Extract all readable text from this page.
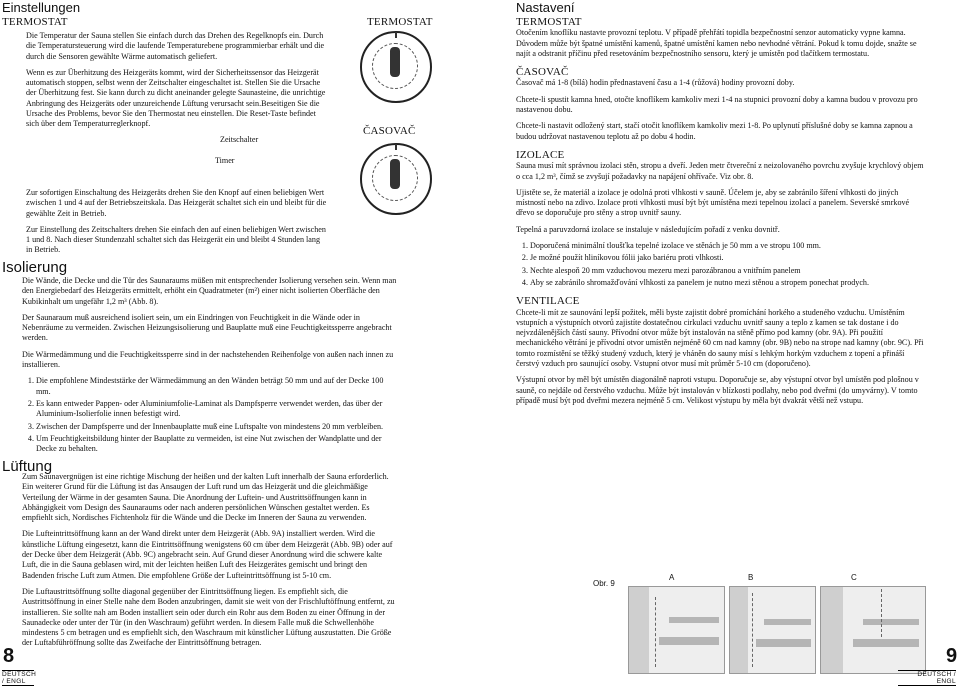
Einstellungen
TERMOSTAT

Die Temperatur der Sauna stellen Sie einfach durch das Drehen des Regelknopfs ein. Durch die Temperatursteuerung wird die laufende Temperaturebene programmierbar erhält und die durch die Sensoren gewählte Wärme automatisch geliefert.

Wenn es zur Überhitzung des Heizgeräts kommt, wird der Sicherheitssensor das Heizgerät automatisch stoppen, selbst wenn der Zeitschalter eingeschaltet ist. Stellen Sie die Ursache der Überhitzung fest. Sie kann durch zu dicht aneinander gelegte Saunasteine, die unrichtige Anbringung des Heizgeräts oder unzureichende Lüftung verursacht sein.Beseitigen Sie die Ursache des Problems, bevor Sie den Thermostat neu einstellen. Die Reset-Taste befindet sich über dem Temperaturreglerknopf.

TERMOSTAT
ČASOVAČ
Zeitschalter
Timer

Zur sofortigen Einschaltung des Heizgeräts drehen Sie den Knopf auf einen beliebigen Wert zwischen 1 und 4 auf der Betriebszeitskala. Das Heizgerät schaltet sich ein und bleibt für die gewählte Zeit in Betrieb.

Zur Einstellung des Zeitschalters drehen Sie einfach den auf einen beliebigen Wert zwischen 1 und 8. Nach dieser Stundenzahl schaltet sich das Heizgerät ein und bleibt 4 Stunden lang in Betrieb.

Isolierung

Die Wände, die Decke und die Tür des Saunaraums müßen mit entsprechender Isolierung versehen sein. Wenn man den Energiebedarf des Heizgeräts ermittelt, erhöht ein Quadratmeter (m²) einer nicht isolierten Oberfläche den Kubikinhalt um ungefähr 1,2 m³ (Abb. 8).

Der Saunaraum muß ausreichend isoliert sein, um ein Eindringen von Feuchtigkeit in die Wände oder in Nebenräume zu vermeiden. Zwischen Heizungsisolierung und Bauplatte muß eine Feuchtigkeitssperre angebracht werden.

Die Wärmedämmung und die Feuchtigkeitssperre sind in der nachstehenden Reihenfolge von außen nach innen zu installieren.

1. Die empfohlene Mindeststärke der Wärmedämmung an den Wänden beträgt 50 mm und auf der Decke 100 mm.
2. Es kann entweder Pappen- oder Aluminiumfolie-Laminat als Dampfsperre verwendet werden, das über der Aluminium-Isolierfolie innen befestigt wird.
3. Zwischen der Dampfsperre und der Innenbauplatte muß eine Luftspalte von mindestens 20 mm verbleiben.
4. Um Feuchtigkeitsbildung hinter der Bauplatte zu vermeiden, ist eine Nut zwischen der Wandplatte und der Decke zu behalten.
Lüftung

Zum Saunavergnügen ist eine richtige Mischung der heißen und der kalten Luft innerhalb der Sauna erforderlich. Ein weiterer Grund für die Lüftung ist das Ansaugen der Luft rund um das Heizgerät und die gleichmäßige Verteilung der Wärme in der gesamten Sauna. Die Anordnung der Luftein- und Austrittsöffnungen kann in Abhängigkeit vom Design des Saunaraums oder nach anderen persönlichen Wünschen gestaltet werden. Es empfiehlt sich, Nordisches Fichtenholz für die Wände und die Decke im Inneren der Sauna zu verwenden.

Die Lufteintrittsöffnung kann an der Wand direkt unter dem Heizgerät (Abb. 9A) installiert werden. Wird die künstliche Lüftung eingesetzt, kann die Eintrittsöffnung wenigstens 60 cm über dem Heizgerät (Abb. 9B) oder auf der Decke über dem Heizgerät (Abb. 9C) angebracht sein. Auf Grund dieser Anordnung wird die schwere kalte Luft, die in die Sauna geblasen wird, mit der leichten heißen Luft des Heizgerätes gemischt und bringt den Badenden frische Luft zum Atmen. Die empfohlene Größe der Lufteintrittsöffnung ist 5-10 cm.

Die Luftaustrittsöffnung sollte diagonal gegenüber der Eintrittsöffnung liegen. Es empfiehlt sich, die Austrittsöffnung in einer Stelle nahe dem Boden anzubringen, damit sie weit von der Frischluftöffnung entfernt, zu installieren. Sie sollte nah am Boden installiert sein oder durch ein Rohr aus dem Boden zu einer Öffnung in der Saunadecke oder unter der Tür (in den Waschraum) geführt werden. In diesem Falle muß die Schwellenhöhe mindestens 5 cm betragen und es empfiehlt sich, den Waschraum mit künstlicher Lüftung auszustatten. Die Größe der Luftabführöffnung sollte das Zweifache der Eintrittsöffnung betragen.

8
DEUTSCH / ENGL
Nastavení
TERMOSTAT

Otočením knoflíku nastavte provozní teplotu. V případě přehřátí topidla bezpečnostní senzor automaticky vypne kamna. Důvodem může být špatné umístění kamenů, špatné umístění kamen nebo nevhodné větrání. Pokud k tomu dojde, snažte se najít a odstranit příčinu před resetováním bezpečnostního sensoru, který je umístěn pod tlačítkem termostatu.

ČASOVAČ

Časovač má 1-8 (bílá) hodin přednastavení času a 1-4 (růžová) hodiny provozní doby.

Chcete-li spustit kamna hned, otočte knoflíkem kamkoliv mezi 1-4 na stupnici provozní doby a kamna budou v provozu pro nastavenou dobu.

Chcete-li nastavit odložený start, stačí otočit knoflíkem kamkoliv mezi 1-8. Po uplynutí příslušné doby se kamna zapnou a budou udržovat nastavenou teplotu až po dobu 4 hodin.

IZOLACE

Sauna musí mít správnou izolaci stěn, stropu a dveří. Jeden metr čtvereční z neizolovaného povrchu zvyšuje krychlový objem o cca 1,2 m³, čímž se zvyšují požadavky na napájení ohřívače. Viz obr. 8.

Ujistěte se, že materiál a izolace je odolná proti vlhkosti v sauně. Účelem je, aby se zabránilo šíření vlhkosti do jiných místností nebo na zdivo. Izolace proti vlhkosti musí být být umístěna mezi tepelnou izolací a panelem. Severské smrkové dřevo se doporučuje pro stěny a strop uvnitř sauny.

Tepelná a paruvzdorná izolace se instaluje v následujícím pořadí z venku dovnitř.

1. Doporučená minimální tloušťka tepelné izolace ve stěnách je 50 mm a ve stropu 100 mm.
2. Je možné použít hliníkovou fólii jako bariéru proti vlhkosti.
3. Nechte alespoň 20 mm vzduchovou mezeru mezi parozábranou a vnitřním panelem
4. Aby se zabránilo shromažďování vlhkosti za panelem je nutno mezi stěnou a stropem ponechat prodych.
VENTILACE

Chcete-li mít ze saunování lepší požitek, měli byste zajistit dobré promíchání horkého a studeného vzduchu. Umístěním vstupních a výstupních otvorů zajistíte dostatečnou cirkulaci vzduchu uvnitř sauny a teplo z kamen se tak dostane i do nejvzdálenějších částí sauny. Přívodní otvor může být instalován na stěně přímo pod kamny (obr. 9A). Při použití mechanického větrání je přívodní otvor umístěn nejméně 60 cm nad kamny (obr. 9B) nebo na strope nad kamny (obr. 9C). Při tomto rozmístění se těžký studený vzduch, který je vháněn do sauny mísí s lehkým horkým vzduchem z topení a přináší čerstvý vzduch pro saunující osoby. Vstupní otvor musí mít průměr 5-10 cm (doporučeno).

Výstupní otvor by měl být umístěn diagonálně naproti vstupu. Doporučuje se, aby výstupní otvor byl umístěn pod plošnou v sauně, co nejdále od čerstvého vzduchu. Může být instalován v blízkosti podlahy, nebo pod dveřmi (do umyvárny). V tomto případě musí být pod dveřmi mezera nejméně 5 cm. Velikost výstupu by měla být dvakrát větší než vstupu.

Obr. 9
A	B	C
9
DEUTSCH / ENGL
